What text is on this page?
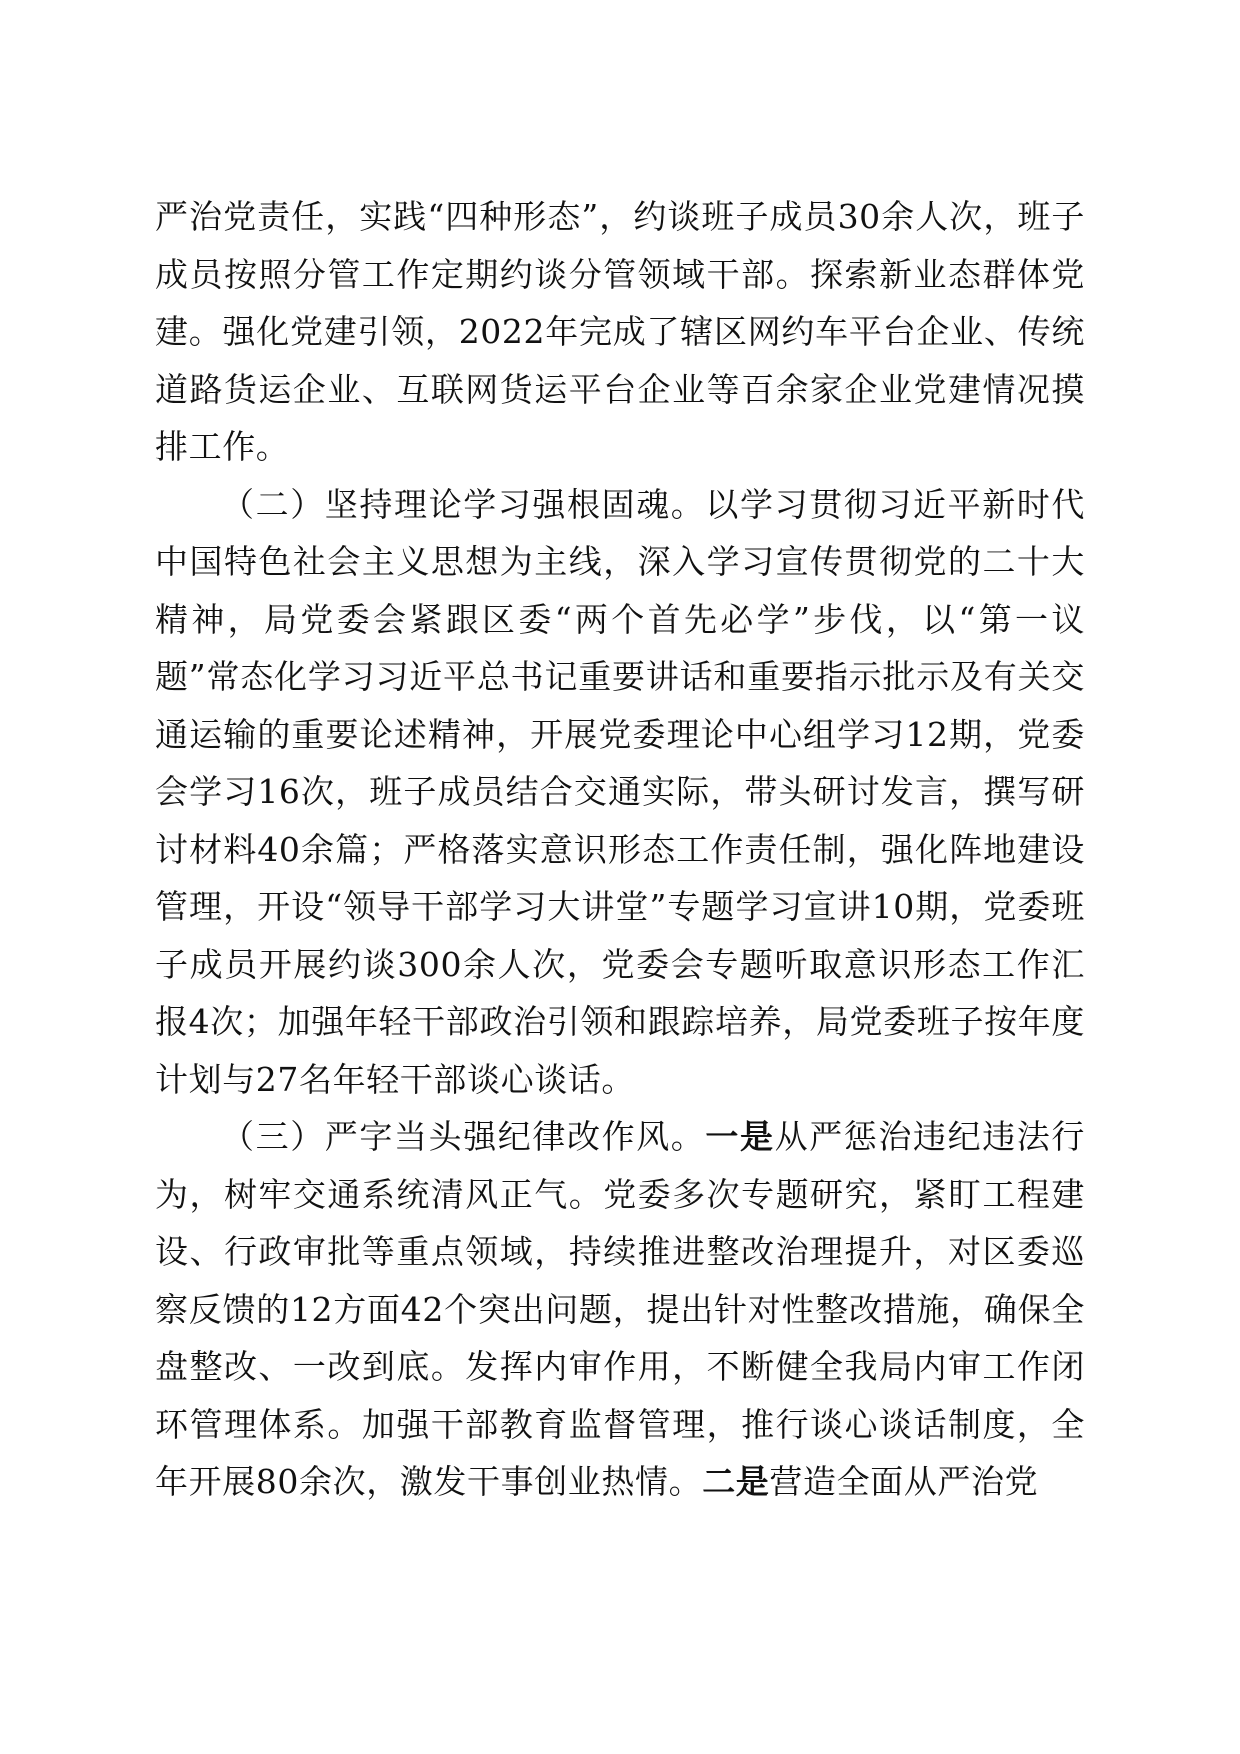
严治党责任，实践“四种形态”，约谈班子成员30余人次，班子成员按照分管工作定期约谈分管领域干部。探索新业态群体党建。强化党建引领，2022年完成了辖区网约车平台企业、传统道路货运企业、互联网货运平台企业等百余家企业党建情况摸排工作。

（二）坚持理论学习强根固魂。以学习贯彻习近平新时代中国特色社会主义思想为主线，深入学习宣传贯彻党的二十大精神，局党委会紧跟区委“两个首先必学”步伐，以“第一议题”常态化学习习近平总书记重要讲话和重要指示批示及有关交通运输的重要论述精神，开展党委理论中心组学习12期，党委会学习16次，班子成员结合交通实际，带头研讨发言，撰写研讨材料40余篇；严格落实意识形态工作责任制，强化阵地建设管理，开设“领导干部学习大讲堂”专题学习宣讲10期，党委班子成员开展约谈300余人次，党委会专题听取意识形态工作汇报4次；加强年轻干部政治引领和跟踪培养，局党委班子按年度计划与27名年轻干部谈心谈话。

（三）严字当头强纪律改作风。一是从严惩治违纪违法行为，树牢交通系统清风正气。党委多次专题研究，紧盯工程建设、行政审批等重点领域，持续推进整改治理提升，对区委巡察反馈的12方面42个突出问题，提出针对性整改措施，确保全盘整改、一改到底。发挥内审作用，不断健全我局内审工作闭环管理体系。加强干部教育监督管理，推行谈心谈话制度，全年开展80余次，激发干事创业热情。二是营造全面从严治党
